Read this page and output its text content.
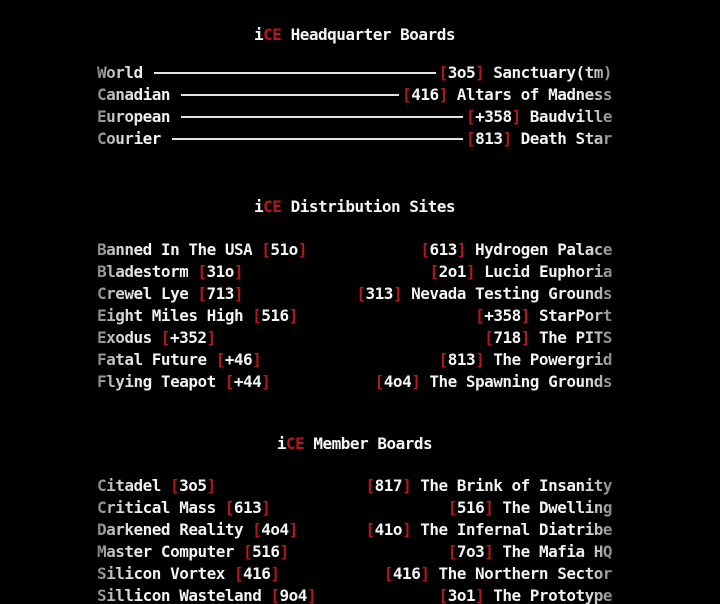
i CE Headquarter Boards
World	[ 3o5 ] Sanctuary(tm)
Canadian	[ 416 ] Altars of Madness
European	[ +358 ] Baudville
Courier	[ 813 ] Death Star
i CE Distribution Sites
Banned In The USA [ 51o ]	[ 613 ] Hydrogen Palace
Bladestorm [ 31o ]	[ 2o1 ] Lucid Euphoria
Crewel Lye [ 713 ]	[ 313 ] Nevada Testing Grounds
Eight Miles High [ 516 ]	[ +358 ] StarPort
Exodus [ +352 ]	[ 718 ] The PITS
Fatal Future [ +46 ]	[ 813 ] The Powergrid
Flying Teapot [ +44 ]	[ 4o4 ] The Spawning Grounds
i CE Member Boards
Citadel [ 3o5 ]	[ 817 ] The Brink of Insanity
Critical Mass [ 613 ]	[ 516 ] The Dwelling
Darkened Reality [ 4o4 ]	[ 41o ] The Infernal Diatribe
Master Computer [ 516 ]	[ 7o3 ] The Mafia HQ
Silicon Vortex [ 416 ]	[ 416 ] The Northern Sector
Sillicon Wasteland [ 9o4 ]	[ 3o1 ] The Prototype
